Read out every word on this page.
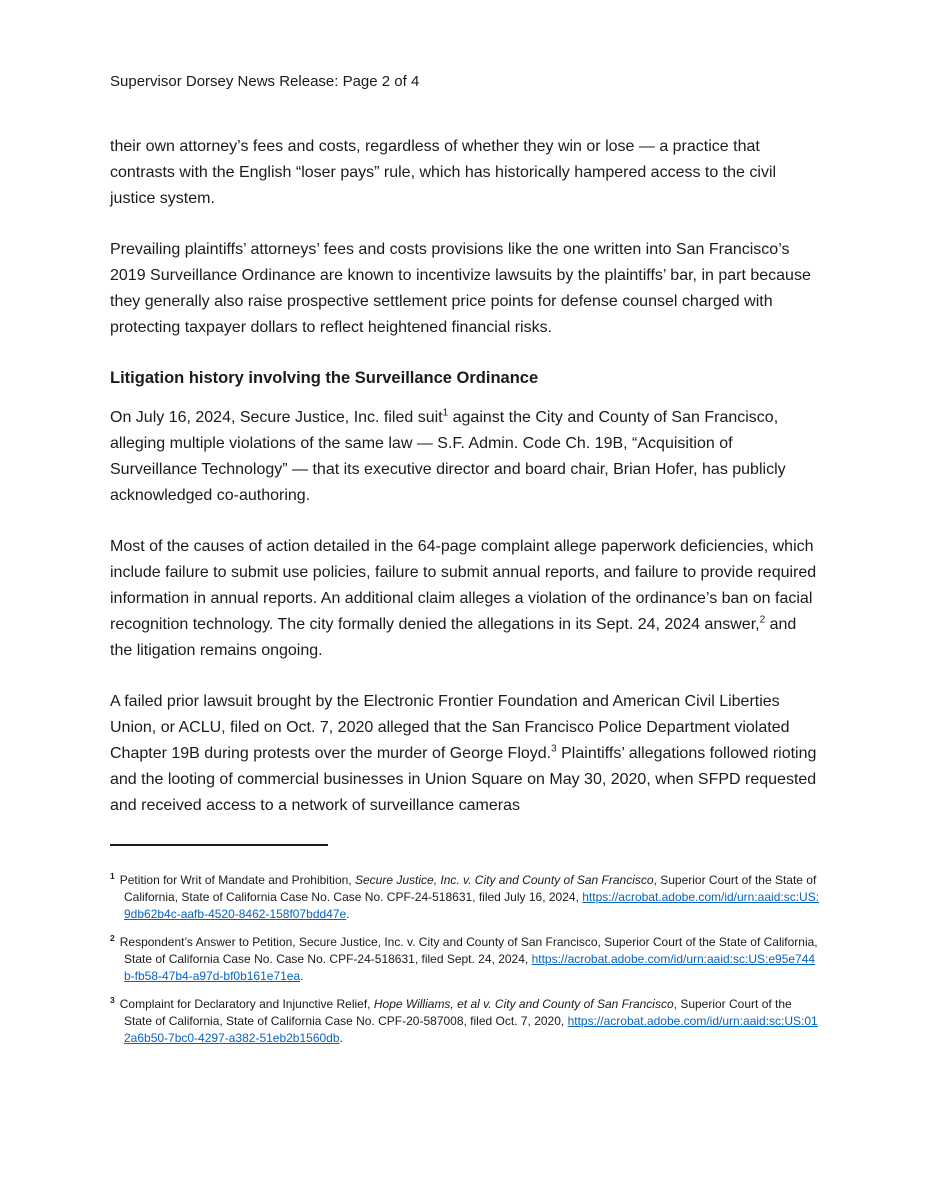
Supervisor Dorsey News Release: Page 2 of 4

their own attorney’s fees and costs, regardless of whether they win or lose — a practice that contrasts with the English “loser pays” rule, which has historically hampered access to the civil justice system.

Prevailing plaintiffs’ attorneys’ fees and costs provisions like the one written into San Francisco’s 2019 Surveillance Ordinance are known to incentivize lawsuits by the plaintiffs’ bar, in part because they generally also raise prospective settlement price points for defense counsel charged with protecting taxpayer dollars to reflect heightened financial risks.

Litigation history involving the Surveillance Ordinance

On July 16, 2024, Secure Justice, Inc. filed suit$^1$ against the City and County of San Francisco, alleging multiple violations of the same law — S.F. Admin. Code Ch. 19B, “Acquisition of Surveillance Technology” — that its executive director and board chair, Brian Hofer, has publicly acknowledged co-authoring.

Most of the causes of action detailed in the 64-page complaint allege paperwork deficiencies, which include failure to submit use policies, failure to submit annual reports, and failure to provide required information in annual reports. An additional claim alleges a violation of the ordinance’s ban on facial recognition technology. The city formally denied the allegations in its Sept. 24, 2024 answer,$^2$ and the litigation remains ongoing.

A failed prior lawsuit brought by the Electronic Frontier Foundation and American Civil Liberties Union, or ACLU, filed on Oct. 7, 2020 alleged that the San Francisco Police Department violated Chapter 19B during protests over the murder of George Floyd.$^3$ Plaintiffs’ allegations followed rioting and the looting of commercial businesses in Union Square on May 30, 2020, when SFPD requested and received access to a network of surveillance cameras

$^1$ Petition for Writ of Mandate and Prohibition, Secure Justice, Inc. v. City and County of San Francisco, Superior Court of the State of California, State of California Case No. Case No. CPF-24-518631, filed July 16, 2024, https://acrobat.adobe.com/id/urn:aaid:sc:US:9db62b4c-aafb-4520-8462-158f07bdd47e.
$^2$ Respondent’s Answer to Petition, Secure Justice, Inc. v. City and County of San Francisco, Superior Court of the State of California, State of California Case No. Case No. CPF-24-518631, filed Sept. 24, 2024, https://acrobat.adobe.com/id/urn:aaid:sc:US:e95e744b-fb58-47b4-a97d-bf0b161e71ea.
$^3$ Complaint for Declaratory and Injunctive Relief, Hope Williams, et al v. City and County of San Francisco, Superior Court of the State of California, State of California Case No. CPF-20-587008, filed Oct. 7, 2020, https://acrobat.adobe.com/id/urn:aaid:sc:US:012a6b50-7bc0-4297-a382-51eb2b1560db.
